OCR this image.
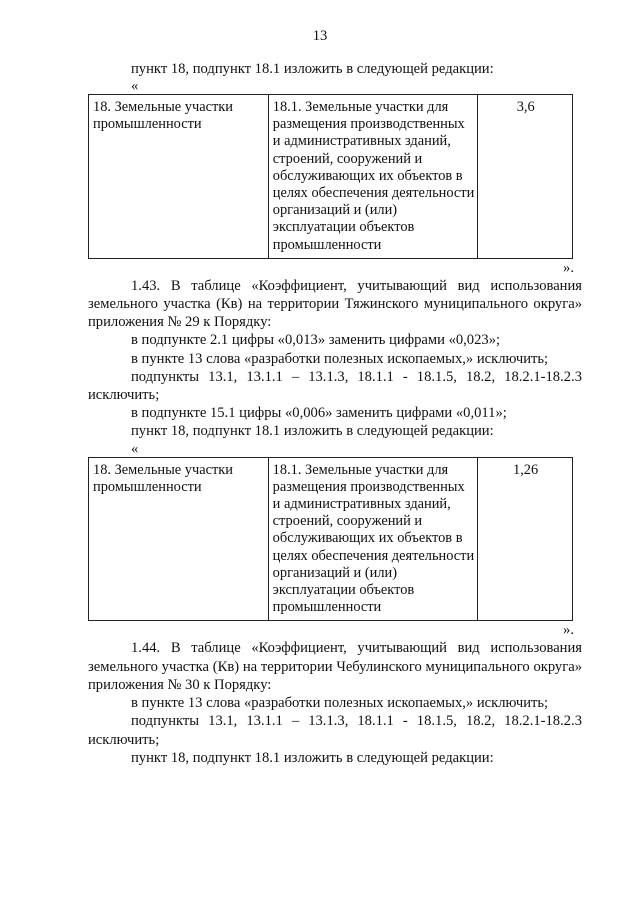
13

пункт 18, подпункт 18.1 изложить в следующей редакции:

«

18. Земельные участки промышленности	18.1. Земельные участки для размещения производственных и административных зданий, строений, сооружений и обслуживающих их объектов в целях обеспечения деятельности организаций и (или) эксплуатации объектов промышленности	3,6

».

1.43. В таблице «Коэффициент, учитывающий вид использования земельного участка (Кв) на территории Тяжинского муниципального округа» приложения № 29 к Порядку:

в подпункте 2.1 цифры «0,013» заменить цифрами «0,023»;

в пункте 13 слова «разработки полезных ископаемых,» исключить;

подпункты 13.1, 13.1.1 – 13.1.3, 18.1.1 - 18.1.5, 18.2, 18.2.1-18.2.3 исключить;

в подпункте 15.1 цифры «0,006» заменить цифрами «0,011»;

пункт 18, подпункт 18.1 изложить в следующей редакции:

«

18. Земельные участки промышленности	18.1. Земельные участки для размещения производственных и административных зданий, строений, сооружений и обслуживающих их объектов в целях обеспечения деятельности организаций и (или) эксплуатации объектов промышленности	1,26

».

1.44. В таблице «Коэффициент, учитывающий вид использования земельного участка (Кв) на территории Чебулинского муниципального округа» приложения № 30 к Порядку:

в пункте 13 слова «разработки полезных ископаемых,» исключить;

подпункты 13.1, 13.1.1 – 13.1.3, 18.1.1 - 18.1.5, 18.2, 18.2.1-18.2.3 исключить;

пункт 18, подпункт 18.1 изложить в следующей редакции:
